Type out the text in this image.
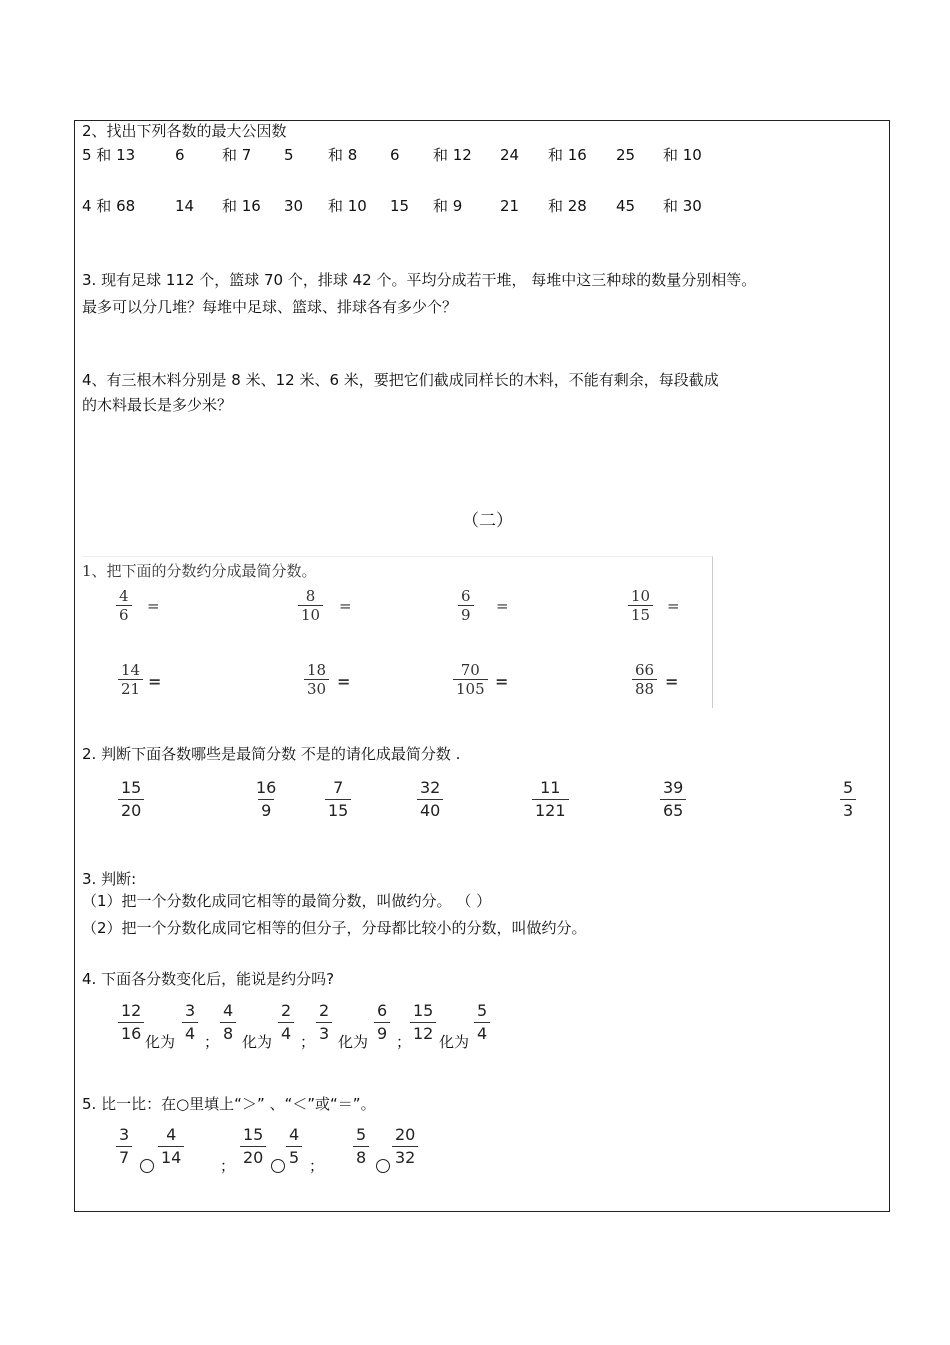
2、找出下列各数的最大公因数
5 和 13	6 和 7 5 和 8 6 和 12 24 和 16 25 和 10
4 和 68	14 和 16 30 和 10 15 和 9	21 和 28 45 和 30
3. 现有足球 112 个，篮球 70 个，排球 42 个。平均分成若干堆， 每堆中这三种球的数量分别相等。
最多可以分几堆？每堆中足球、篮球、排球各有多少个？
4、有三根木料分别是 8 米、12 米、6 米，要把它们截成同样长的木料，不能有剩余，每段截成
的木料最长是多少米？
（二）
1、把下面的分数约分成最简分数。
$\frac{4}{6}$ =	$\frac{8}{10}$ =	$\frac{6}{9}$ =	$\frac{10}{15}$ =
$\frac{14}{21}$ =	$\frac{18}{30}$ =	$\frac{70}{105}$ =	$\frac{66}{88}$ =
2. 判断下面各数哪些是最简分数 不是的请化成最简分数 .
$\frac{15}{20}$	$\frac{16}{9}$	$\frac{7}{15}$	$\frac{32}{40}$	$\frac{11}{121}$	$\frac{39}{65}$	$\frac{5}{3}$
3. 判断:
（1）把一个分数化成同它相等的最简分数，叫做约分。 （ ）
（2）把一个分数化成同它相等的但分子，分母都比较小的分数，叫做约分。
4. 下面各分数变化后，能说是约分吗?
$\frac{12}{16} \frac{3}{4}$
化为 ； $\frac{4}{8}$	$\frac{2}{4}$
化为 ； $\frac{2}{3}$	$\frac{6}{9}$
化为 ；
$\frac{15}{12} \frac{5}{4}$
化为
5. 比一比：在○里填上“＞” 、“＜”或“＝”。
$\frac{3}{7} \frac{4}{14}$ ； $\frac{15}{20} \frac{4}{5}$ ； $\frac{5}{8} \frac{20}{32}$
